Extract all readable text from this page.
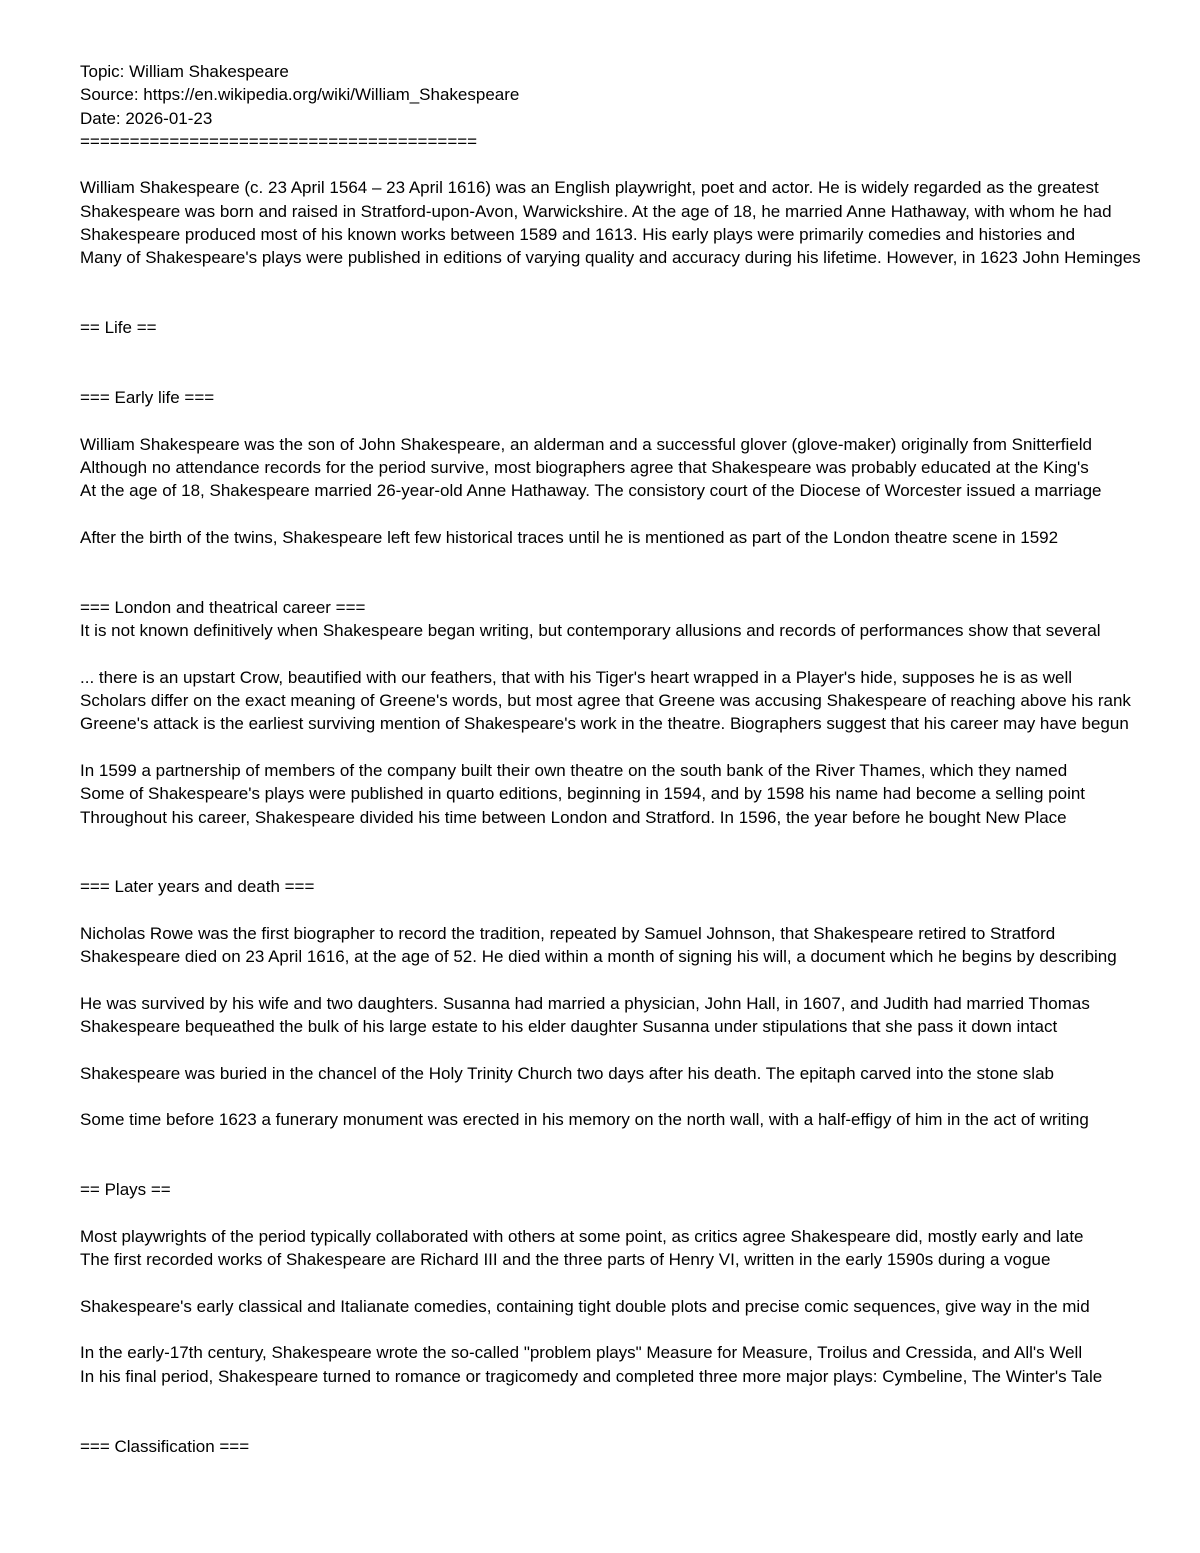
Topic: William Shakespeare
Source: https://en.wikipedia.org/wiki/William_Shakespeare
Date: 2026-01-23
========================================
William Shakespeare (c. 23 April 1564 – 23 April 1616) was an English playwright, poet and actor. He is widely regarded as the greatest
Shakespeare was born and raised in Stratford-upon-Avon, Warwickshire. At the age of 18, he married Anne Hathaway, with whom he had
Shakespeare produced most of his known works between 1589 and 1613. His early plays were primarily comedies and histories and
Many of Shakespeare's plays were published in editions of varying quality and accuracy during his lifetime. However, in 1623 John Heminges
== Life ==
=== Early life ===
William Shakespeare was the son of John Shakespeare, an alderman and a successful glover (glove-maker) originally from Snitterfield
Although no attendance records for the period survive, most biographers agree that Shakespeare was probably educated at the King's
At the age of 18, Shakespeare married 26-year-old Anne Hathaway. The consistory court of the Diocese of Worcester issued a marriage
After the birth of the twins, Shakespeare left few historical traces until he is mentioned as part of the London theatre scene in 1592
=== London and theatrical career ===
It is not known definitively when Shakespeare began writing, but contemporary allusions and records of performances show that several
... there is an upstart Crow, beautified with our feathers, that with his Tiger's heart wrapped in a Player's hide, supposes he is as well
Scholars differ on the exact meaning of Greene's words, but most agree that Greene was accusing Shakespeare of reaching above his rank
Greene's attack is the earliest surviving mention of Shakespeare's work in the theatre. Biographers suggest that his career may have begun
In 1599 a partnership of members of the company built their own theatre on the south bank of the River Thames, which they named
Some of Shakespeare's plays were published in quarto editions, beginning in 1594, and by 1598 his name had become a selling point
Throughout his career, Shakespeare divided his time between London and Stratford. In 1596, the year before he bought New Place
=== Later years and death ===
Nicholas Rowe was the first biographer to record the tradition, repeated by Samuel Johnson, that Shakespeare retired to Stratford
Shakespeare died on 23 April 1616, at the age of 52. He died within a month of signing his will, a document which he begins by describing
He was survived by his wife and two daughters. Susanna had married a physician, John Hall, in 1607, and Judith had married Thomas
Shakespeare bequeathed the bulk of his large estate to his elder daughter Susanna under stipulations that she pass it down intact
Shakespeare was buried in the chancel of the Holy Trinity Church two days after his death. The epitaph carved into the stone slab
Some time before 1623 a funerary monument was erected in his memory on the north wall, with a half-effigy of him in the act of writing
== Plays ==
Most playwrights of the period typically collaborated with others at some point, as critics agree Shakespeare did, mostly early and late
The first recorded works of Shakespeare are Richard III and the three parts of Henry VI, written in the early 1590s during a vogue
Shakespeare's early classical and Italianate comedies, containing tight double plots and precise comic sequences, give way in the mid
In the early-17th century, Shakespeare wrote the so-called "problem plays" Measure for Measure, Troilus and Cressida, and All's Well
In his final period, Shakespeare turned to romance or tragicomedy and completed three more major plays: Cymbeline, The Winter's Tale
=== Classification ===
